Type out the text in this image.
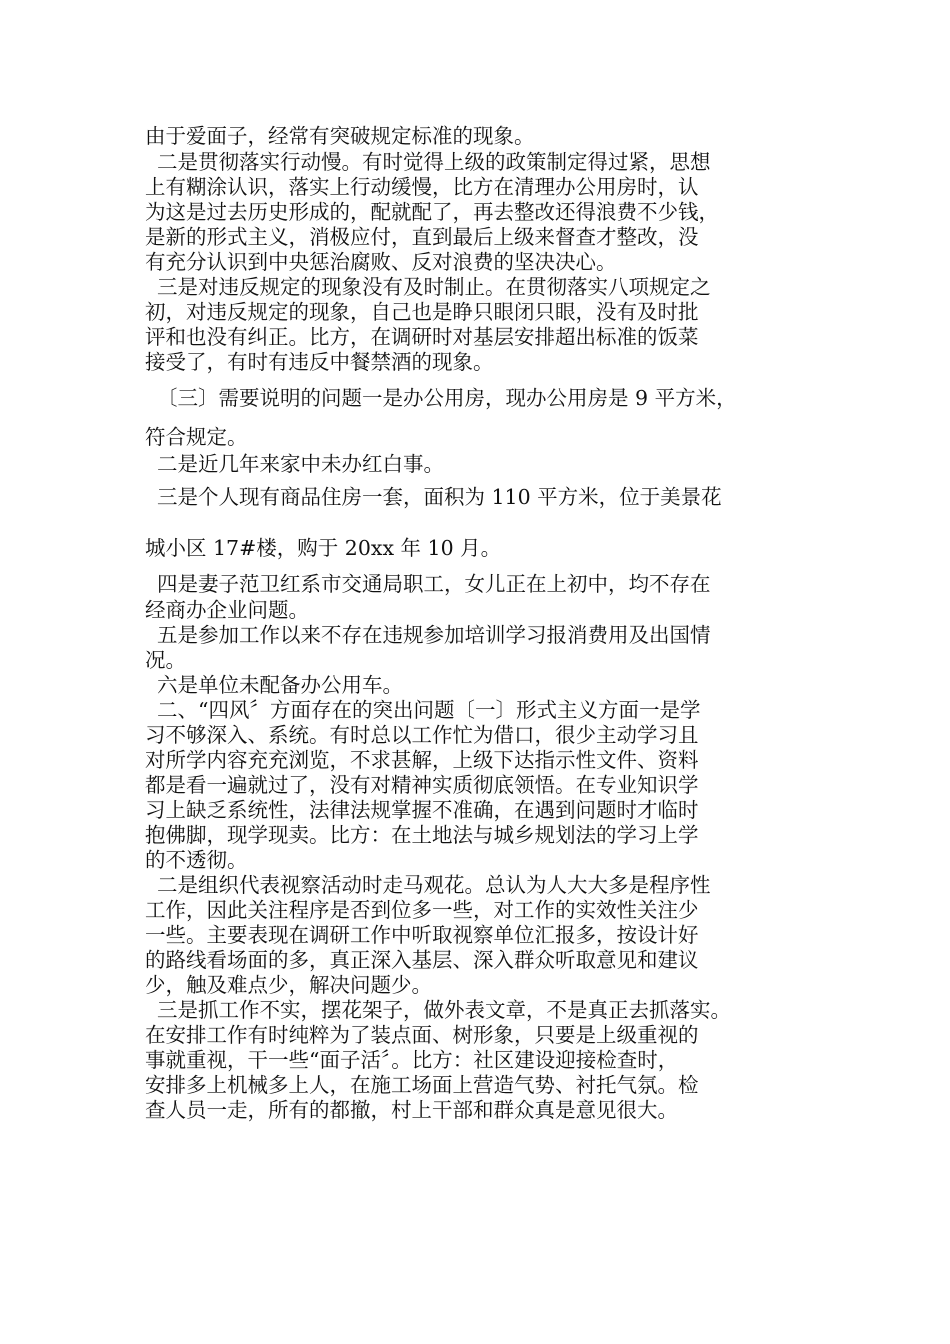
由于爱面子，经常有突破规定标准的现象。
二是贯彻落实行动慢。有时觉得上级的政策制定得过紧，思想
上有糊涂认识，落实上行动缓慢，比方在清理办公用房时，认
为这是过去历史形成的，配就配了，再去整改还得浪费不少钱，
是新的形式主义，消极应付，直到最后上级来督查才整改，没
有充分认识到中央惩治腐败、反对浪费的坚决决心。
三是对违反规定的现象没有及时制止。在贯彻落实八项规定之
初，对违反规定的现象，自己也是睁只眼闭只眼，没有及时批
评和也没有纠正。比方，在调研时对基层安排超出标准的饭菜
接受了，有时有违反中餐禁酒的现象。
〔三〕需要说明的问题一是办公用房，现办公用房是 9 平方米，
符合规定。
二是近几年来家中未办红白事。
三是个人现有商品住房一套，面积为 110 平方米，位于美景花
城小区 17#楼，购于 20xx 年 10 月。
四是妻子范卫红系市交通局职工，女儿正在上初中，均不存在
经商办企业问题。
五是参加工作以来不存在违规参加培训学习报消费用及出国情
况。
六是单位未配备办公用车。
二、“四风〞方面存在的突出问题〔一〕形式主义方面一是学
习不够深入、系统。有时总以工作忙为借口，很少主动学习且
对所学内容充充浏览，不求甚解，上级下达指示性文件、资料
都是看一遍就过了，没有对精神实质彻底领悟。在专业知识学
习上缺乏系统性，法律法规掌握不准确，在遇到问题时才临时
抱佛脚，现学现卖。比方：在土地法与城乡规划法的学习上学
的不透彻。
二是组织代表视察活动时走马观花。总认为人大大多是程序性
工作，因此关注程序是否到位多一些，对工作的实效性关注少
一些。主要表现在调研工作中听取视察单位汇报多，按设计好
的路线看场面的多，真正深入基层、深入群众听取意见和建议
少，触及难点少，解决问题少。
三是抓工作不实，摆花架子，做外表文章，不是真正去抓落实。
在安排工作有时纯粹为了装点面、树形象，只要是上级重视的
事就重视，干一些“面子活〞。比方：社区建设迎接检查时，
安排多上机械多上人，在施工场面上营造气势、衬托气氛。检
查人员一走，所有的都撤，村上干部和群众真是意见很大。
